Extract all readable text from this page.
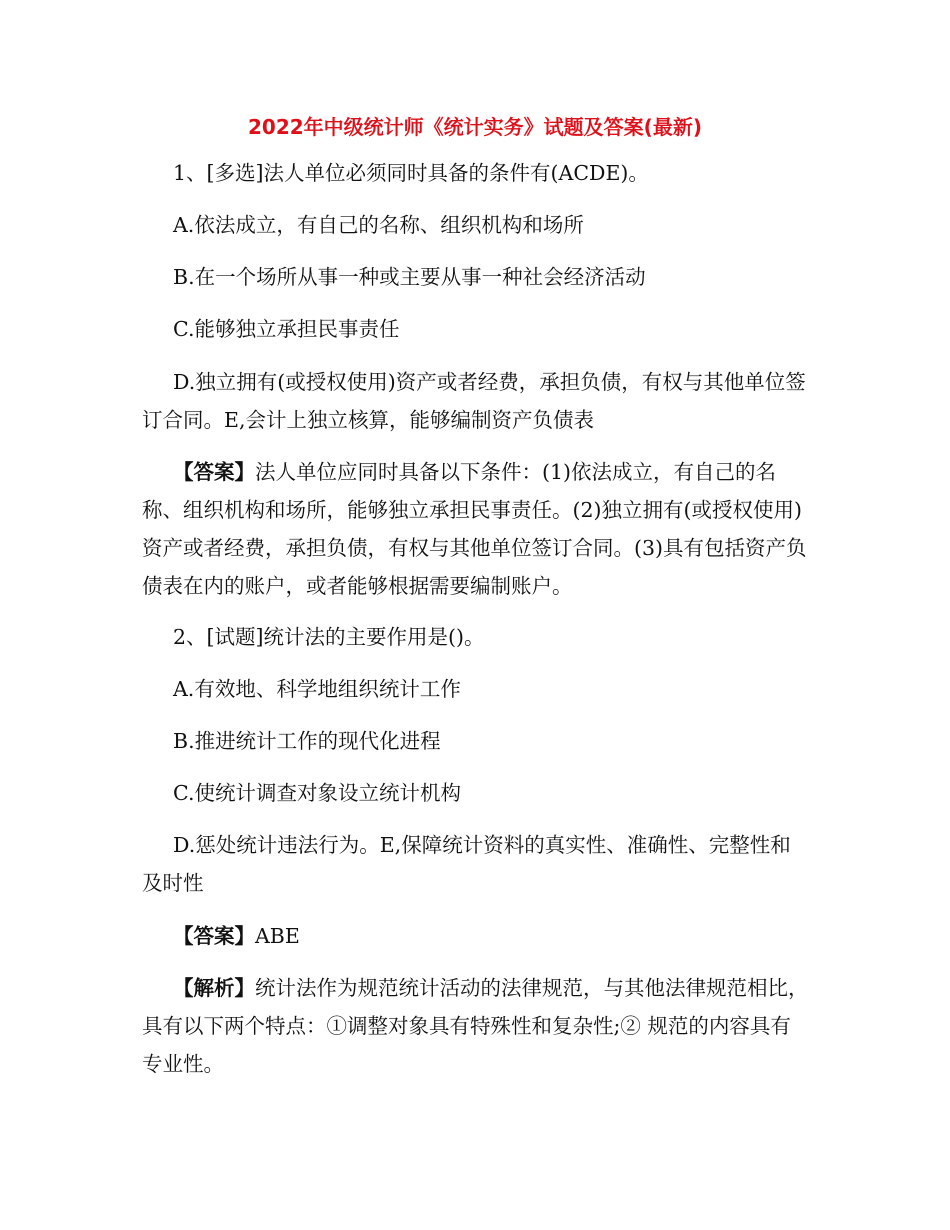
2022年中级统计师《统计实务》试题及答案(最新)

1、[多选]法人单位必须同时具备的条件有(ACDE)。

A.依法成立，有自己的名称、组织机构和场所

B.在一个场所从事一种或主要从事一种社会经济活动

C.能够独立承担民事责任

D.独立拥有(或授权使用)资产或者经费，承担负债，有权与其他单位签订合同。E,会计上独立核算，能够编制资产负债表

【答案】法人单位应同时具备以下条件：(1)依法成立，有自己的名称、组织机构和场所，能够独立承担民事责任。(2)独立拥有(或授权使用)资产或者经费，承担负债，有权与其他单位签订合同。(3)具有包括资产负债表在内的账户，或者能够根据需要编制账户。

2、[试题]统计法的主要作用是()。

A.有效地、科学地组织统计工作

B.推进统计工作的现代化进程

C.使统计调查对象设立统计机构

D.惩处统计违法行为。E,保障统计资料的真实性、准确性、完整性和及时性

【答案】ABE

【解析】统计法作为规范统计活动的法律规范，与其他法律规范相比，具有以下两个特点：①调整对象具有特殊性和复杂性;② 规范的内容具有专业性。
